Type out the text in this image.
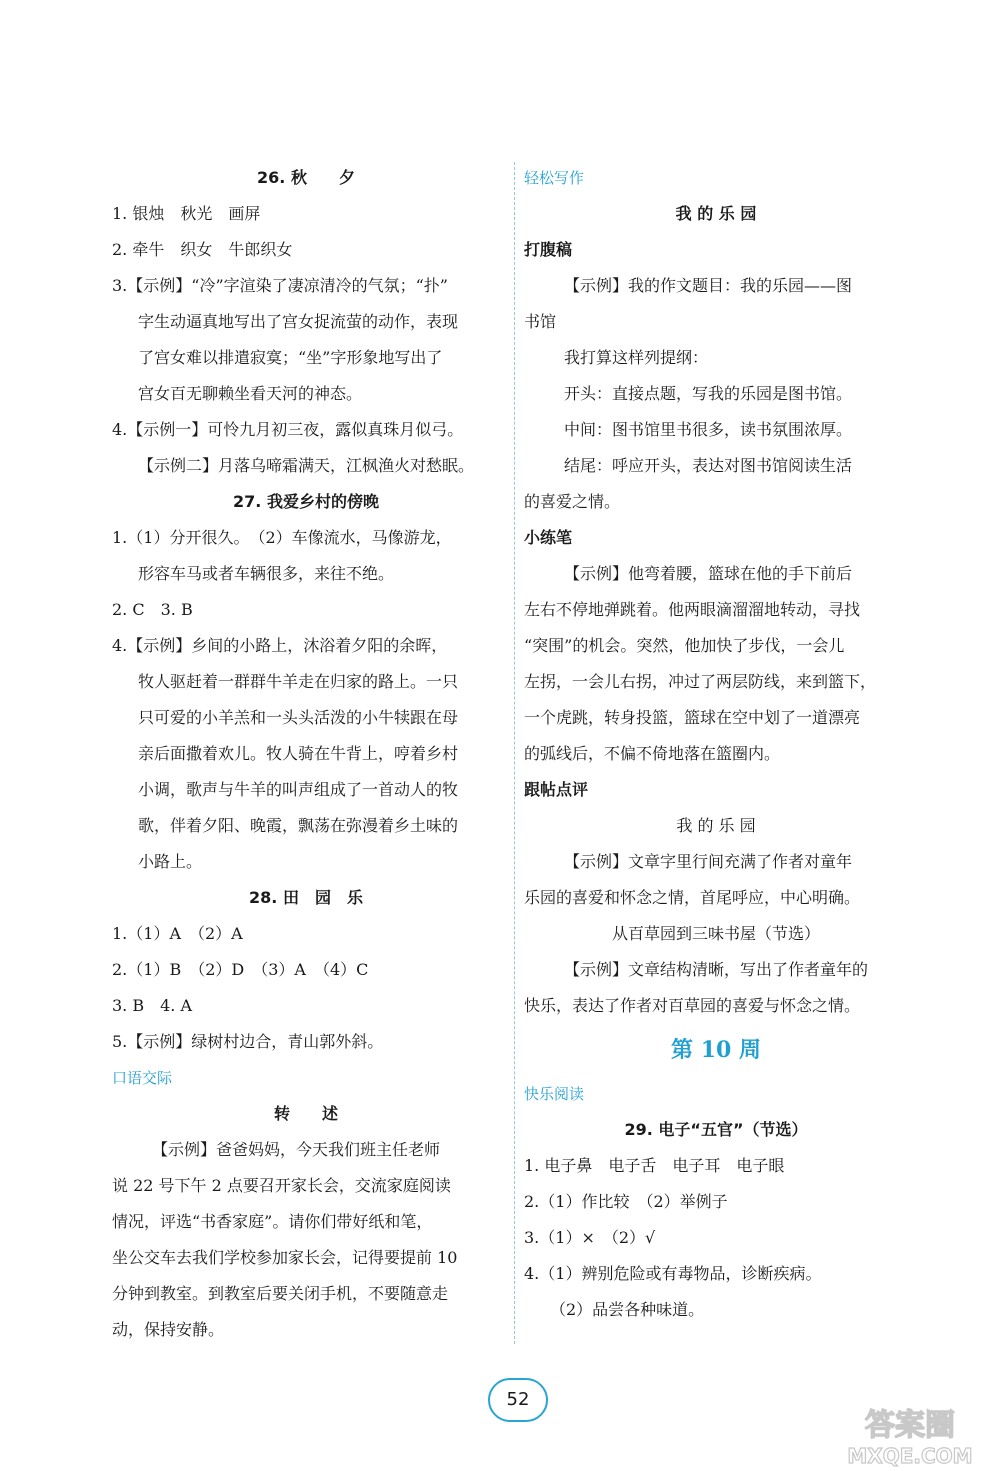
26. 秋　　夕
1. 银烛　秋光　画屏
2. 牵牛　织女　牛郎织女
3.【示例】“冷”字渲染了凄凉清冷的气氛；“扑”
字生动逼真地写出了宫女捉流萤的动作，表现
了宫女难以排遣寂寞；“坐”字形象地写出了
宫女百无聊赖坐看天河的神态。
4.【示例一】可怜九月初三夜，露似真珠月似弓。
【示例二】月落乌啼霜满天，江枫渔火对愁眠。
27. 我爱乡村的傍晚
1.（1）分开很久。　（2）车像流水，马像游龙，
形容车马或者车辆很多，来往不绝。
2. C　3. B
4.【示例】乡间的小路上，沐浴着夕阳的余晖，
牧人驱赶着一群群牛羊走在归家的路上。一只
只可爱的小羊羔和一头头活泼的小牛犊跟在母
亲后面撒着欢儿。牧人骑在牛背上，哼着乡村
小调，歌声与牛羊的叫声组成了一首动人的牧
歌，伴着夕阳、晚霞，飘荡在弥漫着乡土味的
小路上。
28. 田　园　乐
1.（1）A　（2）A
2.（1）B　（2）D　（3）A　（4）C
3. B　4. A
5.【示例】绿树村边合，青山郭外斜。
口语交际
转　　述
【示例】爸爸妈妈，今天我们班主任老师
说 22 号下午 2 点要召开家长会，交流家庭阅读
情况，评选“书香家庭”。请你们带好纸和笔，
坐公交车去我们学校参加家长会，记得要提前 10
分钟到教室。到教室后要关闭手机，不要随意走
动，保持安静。
轻松写作
我 的 乐 园
打腹稿
【示例】我的作文题目：我的乐园——图
书馆
我打算这样列提纲：
开头：直接点题，写我的乐园是图书馆。
中间：图书馆里书很多，读书氛围浓厚。
结尾：呼应开头，表达对图书馆阅读生活
的喜爱之情。
小练笔
【示例】他弯着腰，篮球在他的手下前后
左右不停地弹跳着。他两眼滴溜溜地转动，寻找
“突围”的机会。突然，他加快了步伐，一会儿
左拐，一会儿右拐，冲过了两层防线，来到篮下，
一个虎跳，转身投篮，篮球在空中划了一道漂亮
的弧线后，不偏不倚地落在篮圈内。
跟帖点评
我 的 乐 园
【示例】文章字里行间充满了作者对童年
乐园的喜爱和怀念之情，首尾呼应，中心明确。
从百草园到三味书屋（节选）
【示例】文章结构清晰，写出了作者童年的
快乐，表达了作者对百草园的喜爱与怀念之情。
第 10 周
快乐阅读
29. 电子“五官”（节选）
1. 电子鼻　电子舌　电子耳　电子眼
2.（1）作比较　（2）举例子
3.（1）×　（2）√
4.（1）辨别危险或有毒物品，诊断疾病。
（2）品尝各种味道。
52
答案圈
MXQE.COM
